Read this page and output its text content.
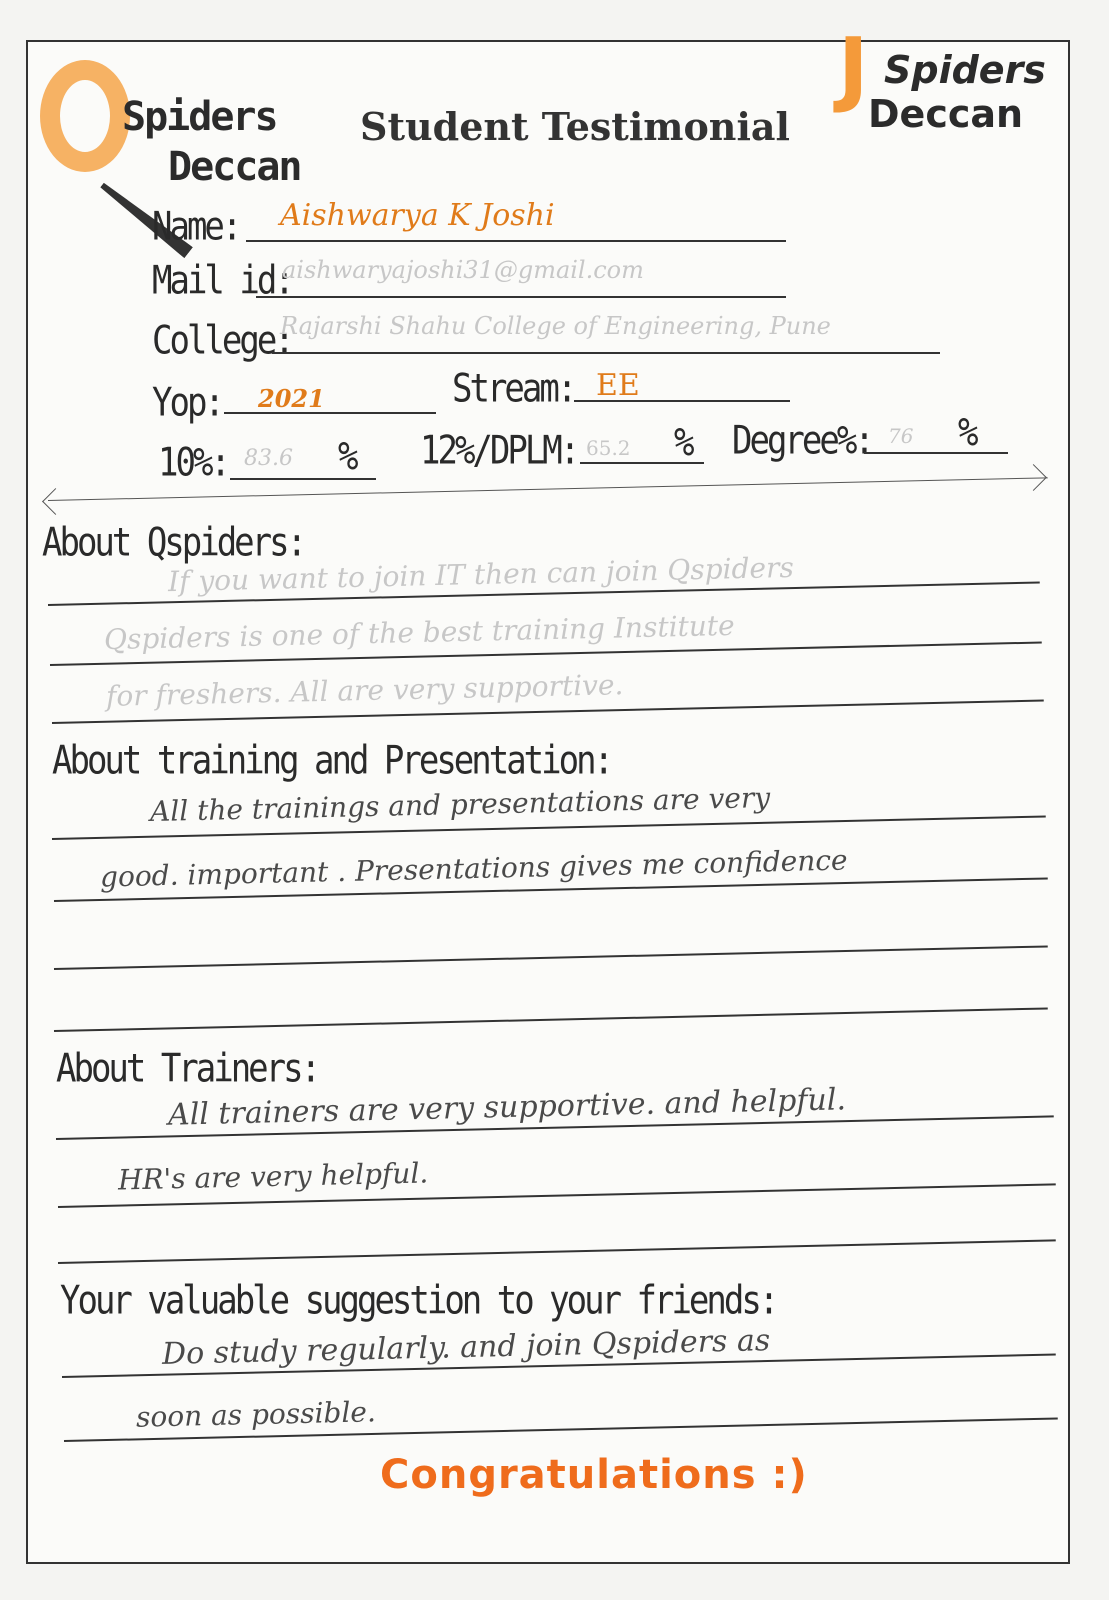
Spiders
Deccan
J Spiders
Deccan
Student Testimonial
Name: Aishwarya K Joshi
Mail id:
aishwaryajoshi31@gmail.com
College:
Rajarshi Shahu College of Engineering, Pune
Yop: 2021	Stream: EE
10%: 83.6 % 12%/DPLM: 65.2 % Degree%: 76 %
About Qspiders:
If you want to join IT then can join Qspiders
Qspiders is one of the best training Institute
for freshers. All are very supportive.
About training and Presentation:
All the trainings and presentations are very
good. important . Presentations gives me confidence
About Trainers:
All trainers are very supportive. and helpful.
HR's are very helpful.
Your valuable suggestion to your friends:
Do study regularly. and join Qspiders as
soon as possible.
Congratulations :)
